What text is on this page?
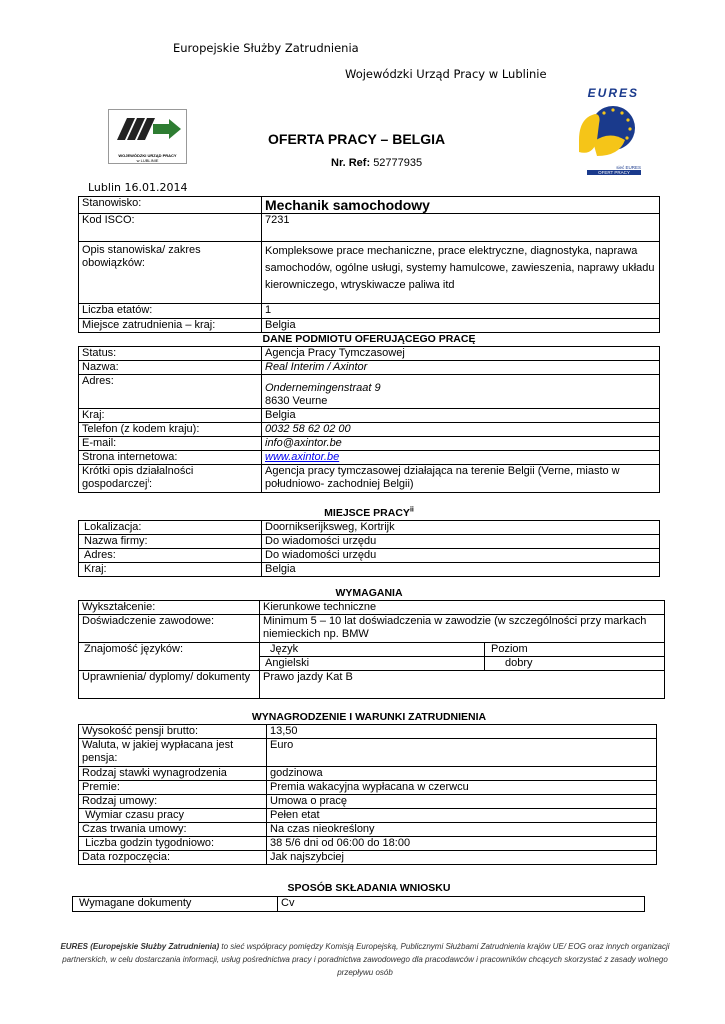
Europejskie Służby Zatrudnienia
Wojewódzki Urząd Pracy w Lublinie
WOJEWÓDZKI URZĄD PRACY
w LUBLINIE
EURES
sieć EURES
OFERT PRACY
OFERTA PRACY – BELGIA
Nr. Ref: 52777935
Lublin 16.01.2014
Stanowisko:	Mechanik samochodowy
Kod ISCO:	7231
Opis stanowiska/ zakres obowiązków:	Kompleksowe prace mechaniczne, prace elektryczne, diagnostyka, naprawa samochodów, ogólne usługi, systemy hamulcowe, zawieszenia, naprawy układu kierowniczego, wtryskiwacze paliwa itd
Liczba etatów:	1
Miejsce zatrudnienia – kraj:	Belgia
DANE PODMIOTU OFERUJĄCEGO PRACĘ
Status:	Agencja Pracy Tymczasowej
Nazwa:	Real Interim / Axintor
Adres:	Ondernemingenstraat 9
8630 Veurne

Kraj:	Belgia
Telefon (z kodem kraju):	0032 58 62 02 00
E-mail:	info@axintor.be
Strona internetowa:	www.axintor.be
Krótki opis działalności gospodarczej$^i$:	Agencja pracy tymczasowej działająca na terenie Belgii (Verne, miasto w południowo- zachodniej Belgii)
MIEJSCE PRACY$^{ii}$
Lokalizacja:	Doornikserijksweg, Kortrijk
Nazwa firmy:	Do wiadomości urzędu
Adres:	Do wiadomości urzędu
Kraj:	Belgia
WYMAGANIA
Wykształcenie:	Kierunkowe techniczne	
Doświadczenie zawodowe:	Minimum 5 – 10 lat doświadczenia w zawodzie (w szczególności przy markach niemieckich np. BMW	
Znajomość języków:	Język	Poziom
	Angielski	dobry
Uprawnienia/ dyplomy/ dokumenty	Prawo jazdy Kat B	
WYNAGRODZENIE I WARUNKI ZATRUDNIENIA
Wysokość pensji brutto:	13,50
Waluta, w jakiej wypłacana jest pensja:	Euro
Rodzaj stawki wynagrodzenia	godzinowa
Premie:	Premia wakacyjna wypłacana w czerwcu
Rodzaj umowy:	Umowa o pracę
Wymiar czasu pracy	Pełen etat
Czas trwania umowy:	Na czas nieokreślony
Liczba godzin tygodniowo:	38 5/6 dni od 06:00 do 18:00
Data rozpoczęcia:	Jak najszybciej
SPOSÓB SKŁADANIA WNIOSKU
Wymagane dokumenty	Cv
EURES (Europejskie Służby Zatrudnienia) to sieć współpracy pomiędzy Komisją Europejską, Publicznymi Służbami Zatrudnienia krajów UE/ EOG oraz innych organizacji partnerskich, w celu dostarczania informacji, usług pośrednictwa pracy i poradnictwa zawodowego dla pracodawców i pracowników chcących skorzystać z zasady wolnego przepływu osób
